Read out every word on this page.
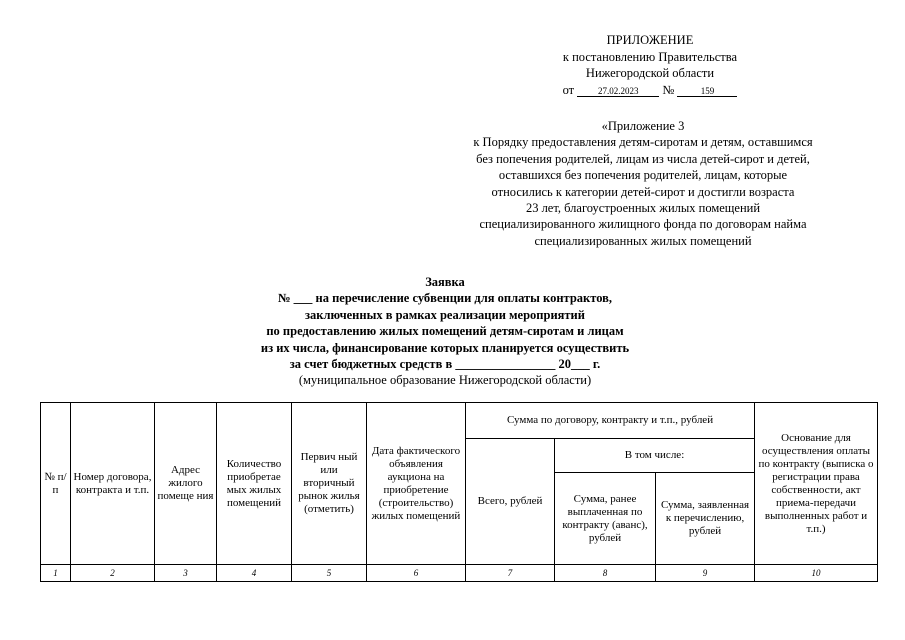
ПРИЛОЖЕНИЕ
к постановлению Правительства
Нижегородской области
от	27.02.2023 №	159
«Приложение 3
к Порядку предоставления детям-сиротам и детям, оставшимся
без попечения родителей, лицам из числа детей-сирот и детей,
оставшихся без попечения родителей, лицам, которые
относились к категории детей-сирот и достигли возраста
23 лет, благоустроенных жилых помещений
специализированного жилищного фонда по договорам найма
специализированных жилых помещений
Заявка
№ ___ на перечисление субвенции для оплаты контрактов,
заключенных в рамках реализации мероприятий
по предоставлению жилых помещений детям-сиротам и лицам
из их числа, финансирование которых планируется осуществить
за счет бюджетных средств в ________________ 20___ г.
(муниципальное образование Нижегородской области)
№ п/п	Номер договора, контракта и т.п.	Адрес жилого помеще ния	Количество приобретае мых жилых помещений	Первич ный или вторичный рынок жилья (отметить)	Дата фактического объявления аукциона на приобретение (строительство) жилых помещений	Сумма по договору, контракту и т.п., рублей			Основание для осуществления оплаты по контракту (выписка о регистрации права собственности, акт приема-передачи выполненных работ и т.п.)
						Всего, рублей	В том числе:		
							Сумма, ранее выплаченная по контракту (аванс), рублей	Сумма, заявленная к перечислению, рублей	
1	2	3	4	5	6	7	8	9	10
